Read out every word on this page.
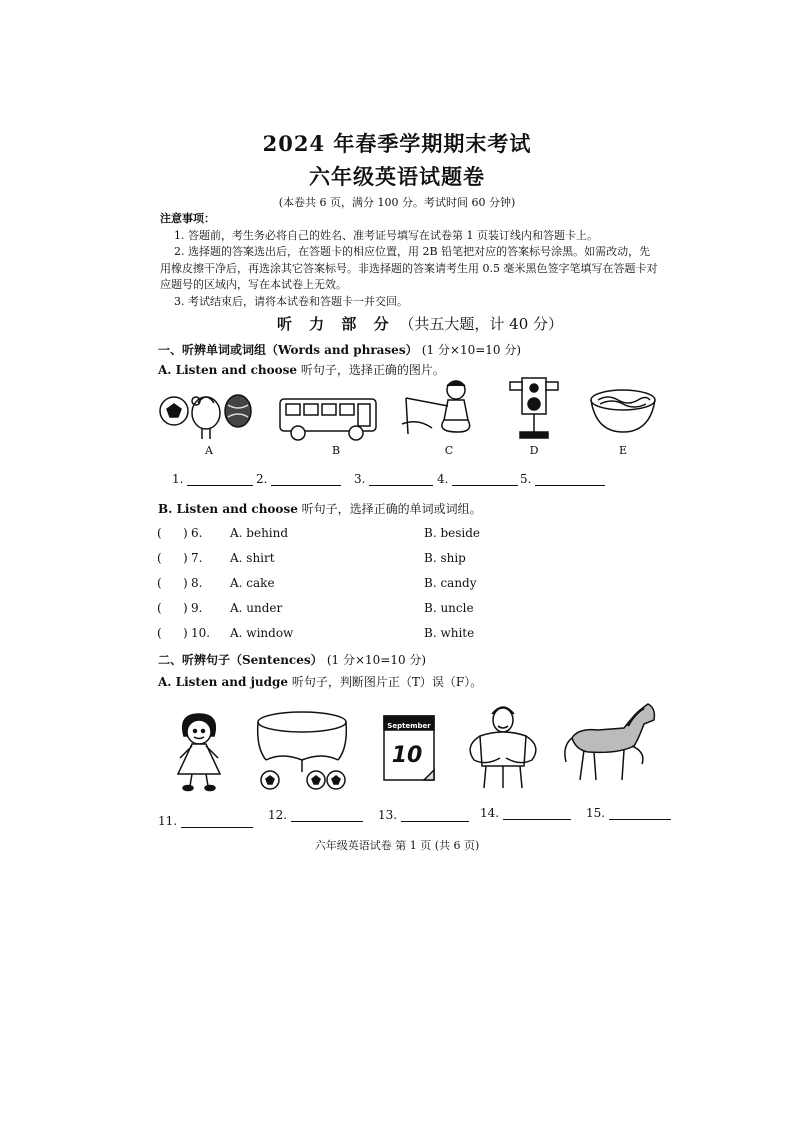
2024 年春季学期期末考试
六年级英语试题卷
(本卷共 6 页，满分 100 分。考试时间 60 分钟)
注意事项：
1. 答题前，考生务必将自己的姓名、准考证号填写在试卷第 1 页装订线内和答题卡上。
2. 选择题的答案选出后，在答题卡的相应位置，用 2B 铅笔把对应的答案标号涂黑。如需改动，先用橡皮擦干净后，再选涂其它答案标号。非选择题的答案请考生用 0.5 毫米黑色签字笔填写在答题卡对应题号的区域内，写在本试卷上无效。
3. 考试结束后，请将本试卷和答题卡一并交回。
听 力 部 分 （共五大题，计 40 分）
一、听辨单词或词组（Words and phrases） (1 分×10=10 分)
A. Listen and choose 听句子，选择正确的图片。
A	B	C	D	E
1.	2.	3.	4.	5.
B. Listen and choose 听句子，选择正确的单词或词组。
( ) 6. A. behind	B. beside
( ) 7. A. shirt	B. ship
( ) 8. A. cake	B. candy
( ) 9. A. under	B. uncle
( ) 10. A. window	B. white
二、听辨句子（Sentences） (1 分×10=10 分)
A. Listen and judge 听句子，判断图片正（T）误（F）。
September
10
11.	12.	13.	14.	15.
六年级英语试卷 第 1 页 (共 6 页)
